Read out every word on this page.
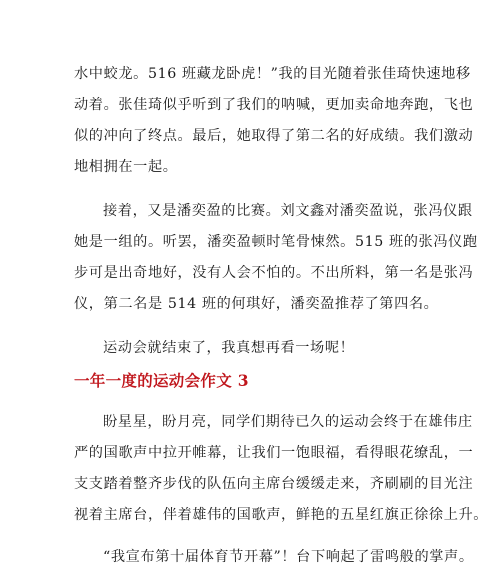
水中蛟龙。516 班藏龙卧虎！”我的目光随着张佳琦快速地移
动着。张佳琦似乎听到了我们的呐喊，更加卖命地奔跑，飞也
似的冲向了终点。最后，她取得了第二名的好成绩。我们激动
地相拥在一起。
接着，又是潘奕盈的比赛。刘文鑫对潘奕盈说，张冯仪跟
她是一组的。听罢，潘奕盈顿时笔骨悚然。515 班的张冯仪跑
步可是出奇地好，没有人会不怕的。不出所料，第一名是张冯
仪，第二名是 514 班的何琪好，潘奕盈推荐了第四名。
运动会就结束了，我真想再看一场呢！
一年一度的运动会作文 3
盼星星，盼月亮，同学们期待已久的运动会终于在雄伟庄
严的国歌声中拉开帷幕，让我们一饱眼福，看得眼花缭乱，一
支支踏着整齐步伐的队伍向主席台缓缓走来，齐刷刷的目光注
视着主席台，伴着雄伟的国歌声，鲜艳的五星红旗正徐徐上升。
“我宣布第十届体育节开幕”！台下响起了雷鸣般的掌声。
